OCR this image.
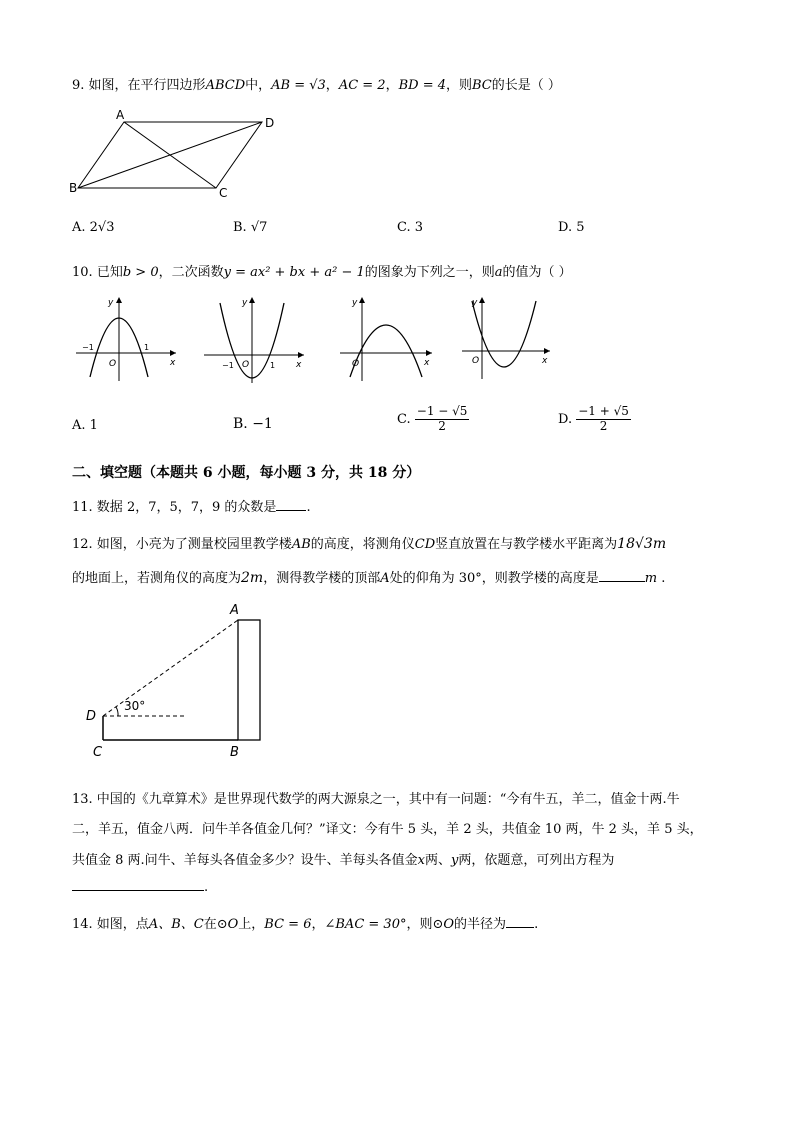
9. 如图，在平行四边形ABCD中，AB = √3，AC = 2，BD = 4，则BC的长是（ ）
A
D
B	C
A. 2√3	B. √7	C. 3	D. 5
10. 已知b > 0，二次函数y = ax² + bx + a² − 1的图象为下列之一，则a的值为（ ）
y
x
O
−1	1
y
x
O
−1	1
y
x
O
y
x
O
A. 1	B. −1	C. $\frac{-1 - √5}{2}$	D. $\frac{-1 + √5}{2}$
二、填空题（本题共 6 小题，每小题 3 分，共 18 分）
11. 数据 2，7，5，7，9 的众数是 .
12. 如图，小亮为了测量校园里教学楼AB的高度，将测角仪CD竖直放置在与教学楼水平距离为18√3m
的地面上，若测角仪的高度为2m，测得教学楼的顶部A处的仰角为 30°，则教学楼的高度是	m .
A
D
C	B
30°
13. 中国的《九章算术》是世界现代数学的两大源泉之一，其中有一问题：“今有牛五，羊二，值金十两.牛
二，羊五，值金八两．问牛羊各值金几何？”译文：今有牛 5 头，羊 2 头，共值金 10 两，牛 2 头，羊 5 头，
共值金 8 两.问牛、羊每头各值金多少？设牛、羊每头各值金x两、y两，依题意，可列出方程为
.
14. 如图，点A、B、C在⊙O上，BC = 6，∠BAC = 30°，则⊙O的半径为 .
